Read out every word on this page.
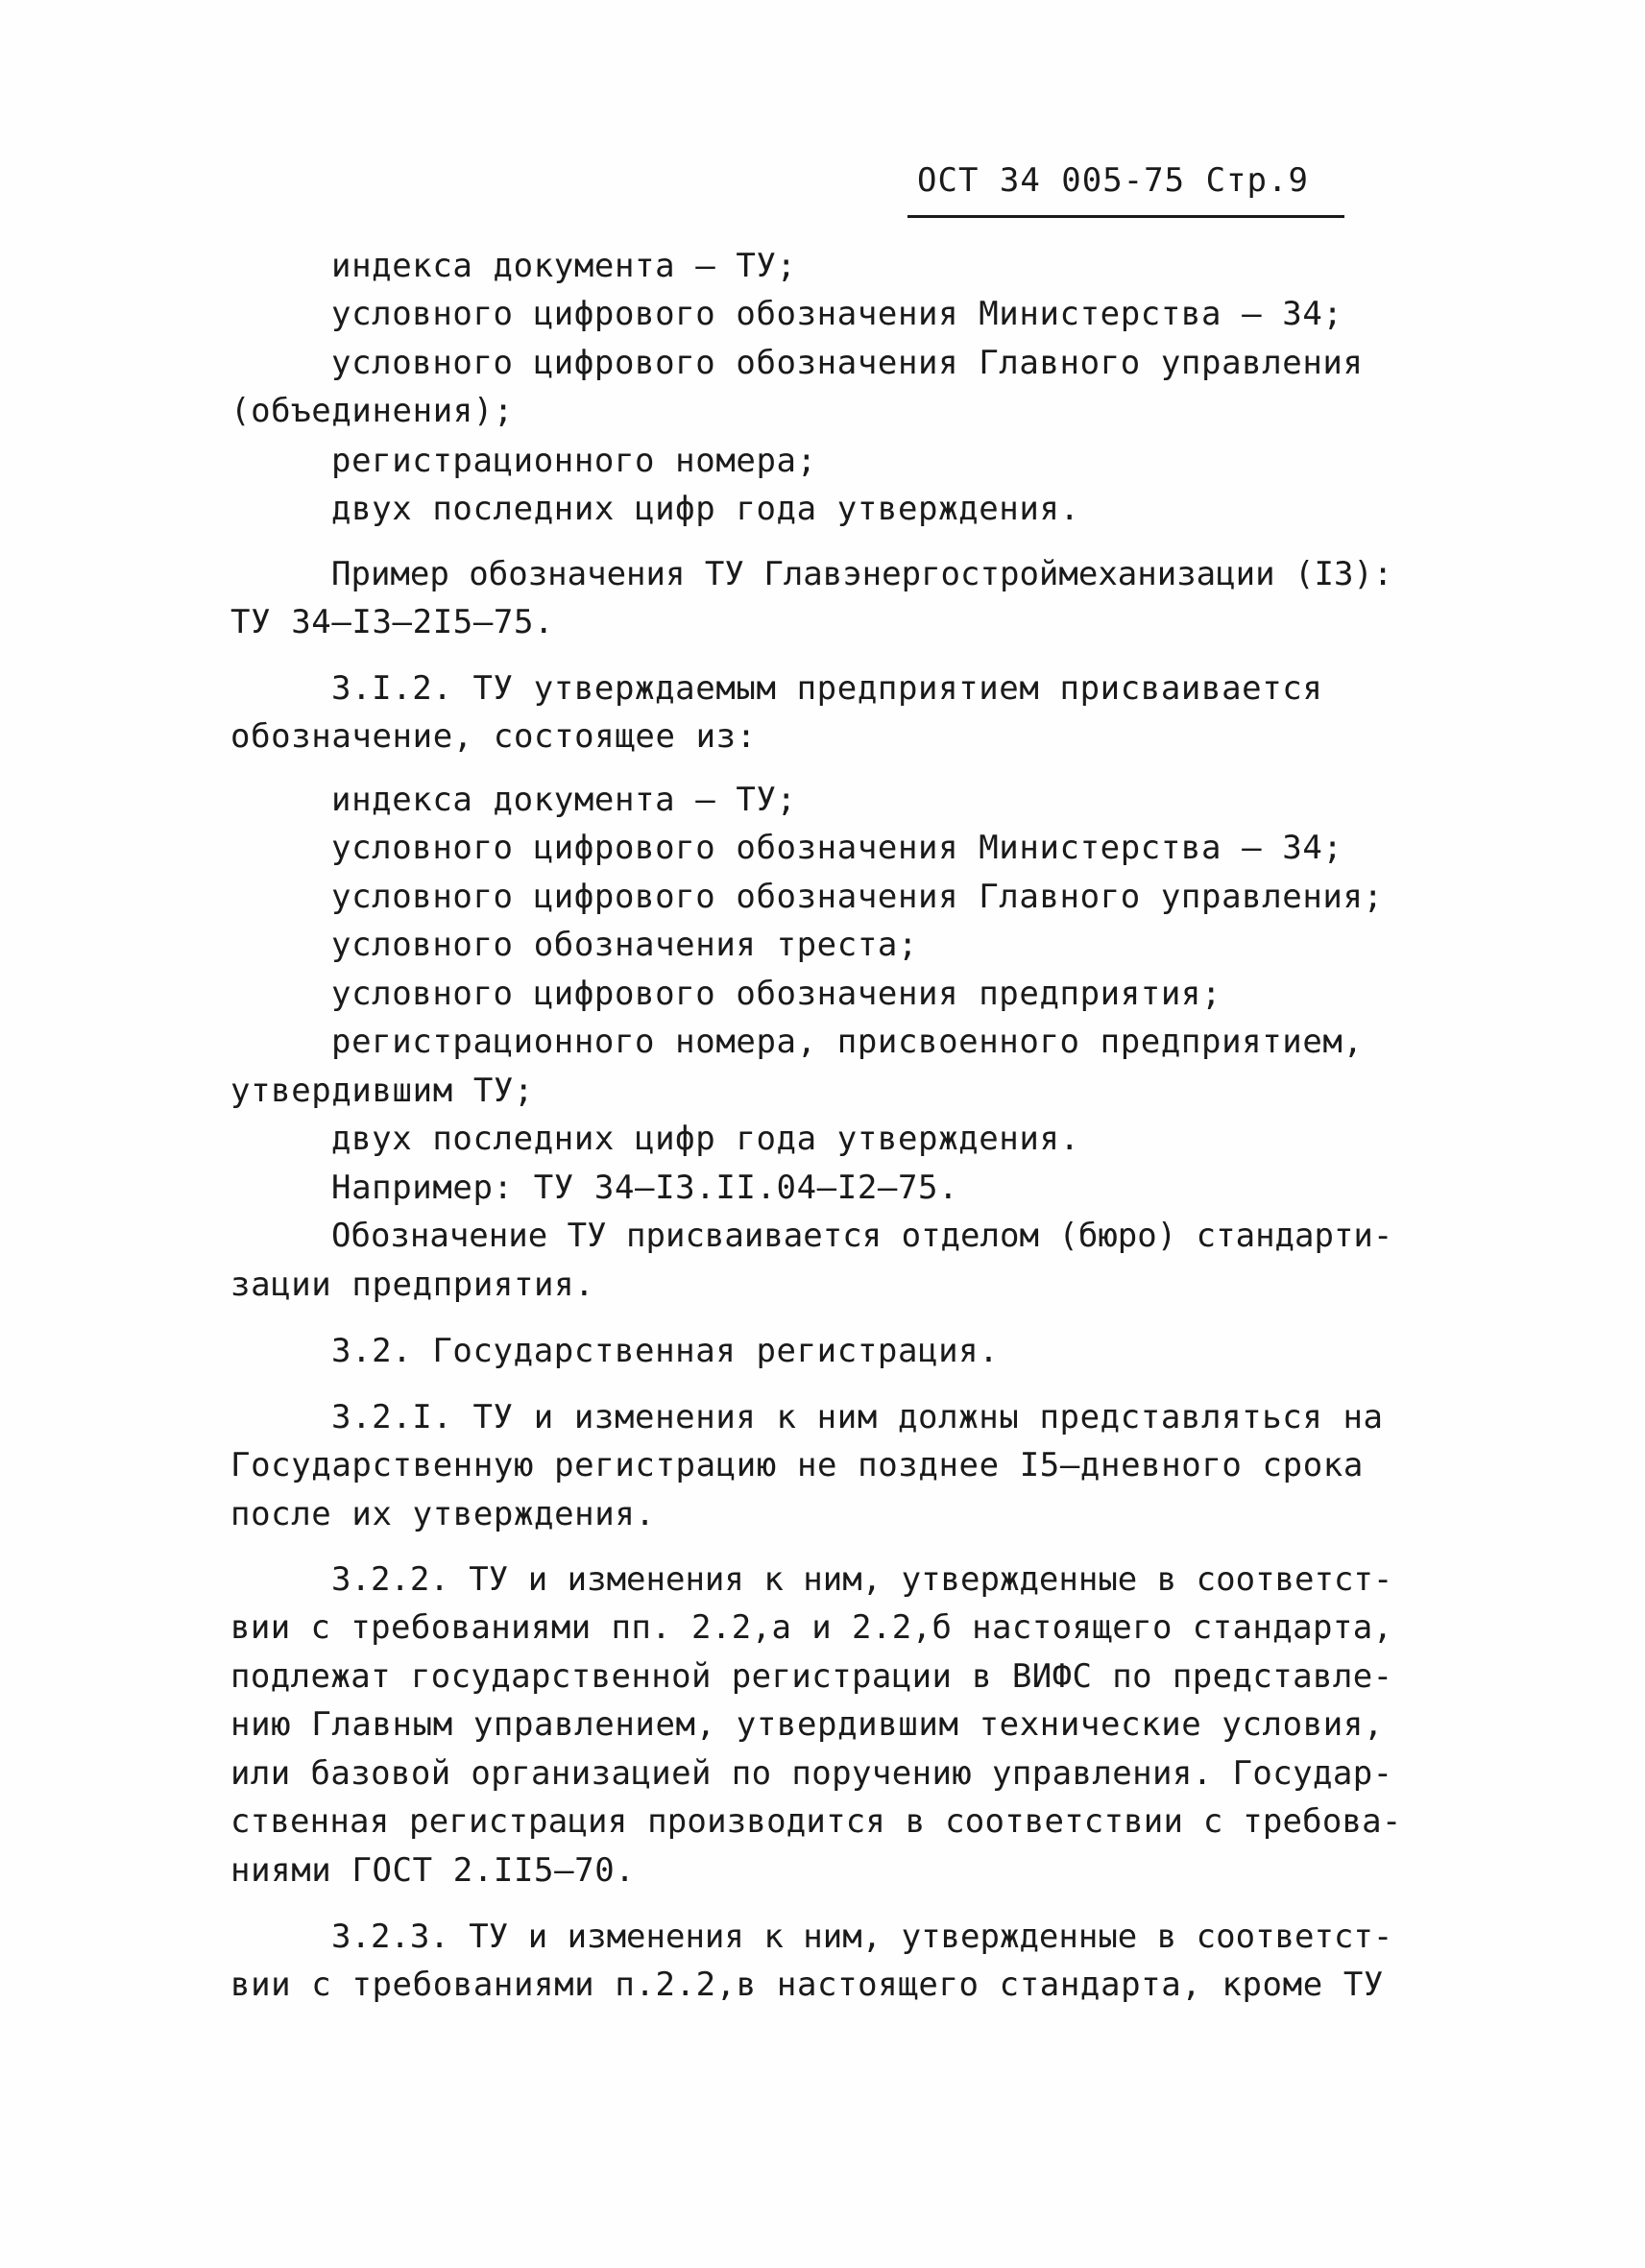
ОСТ 34 005-75 Стр.9
индекса документа – ТУ;
условного цифрового обозначения Министерства – 34;
условного цифрового обозначения Главного управления
(объединения);
регистрационного номера;
двух последних цифр года утверждения.
Пример обозначения ТУ Главэнергостроймеханизации (I3):
ТУ 34–I3–2I5–75.
3.I.2. ТУ утверждаемым предприятием присваивается
обозначение, состоящее из:
индекса документа – ТУ;
условного цифрового обозначения Министерства – 34;
условного цифрового обозначения Главного управления;
условного обозначения треста;
условного цифрового обозначения предприятия;
регистрационного номера, присвоенного предприятием,
утвердившим ТУ;
двух последних цифр года утверждения.
Например: ТУ 34–I3.II.04–I2–75.
Обозначение ТУ присваивается отделом (бюро) стандарти-
зации предприятия.
3.2. Государственная регистрация.
3.2.I. ТУ и изменения к ним должны представляться на
Государственную регистрацию не позднее I5–дневного срока
после их утверждения.
3.2.2. ТУ и изменения к ним, утвержденные в соответст-
вии с требованиями пп. 2.2,а и 2.2,б настоящего стандарта,
подлежат государственной регистрации в ВИФС по представле-
нию Главным управлением, утвердившим технические условия,
или базовой организацией по поручению управления. Государ-
ственная регистрация производится в соответствии с требова-
ниями ГОСТ 2.II5–70.
3.2.3. ТУ и изменения к ним, утвержденные в соответст-
вии с требованиями п.2.2,в настоящего стандарта, кроме ТУ
